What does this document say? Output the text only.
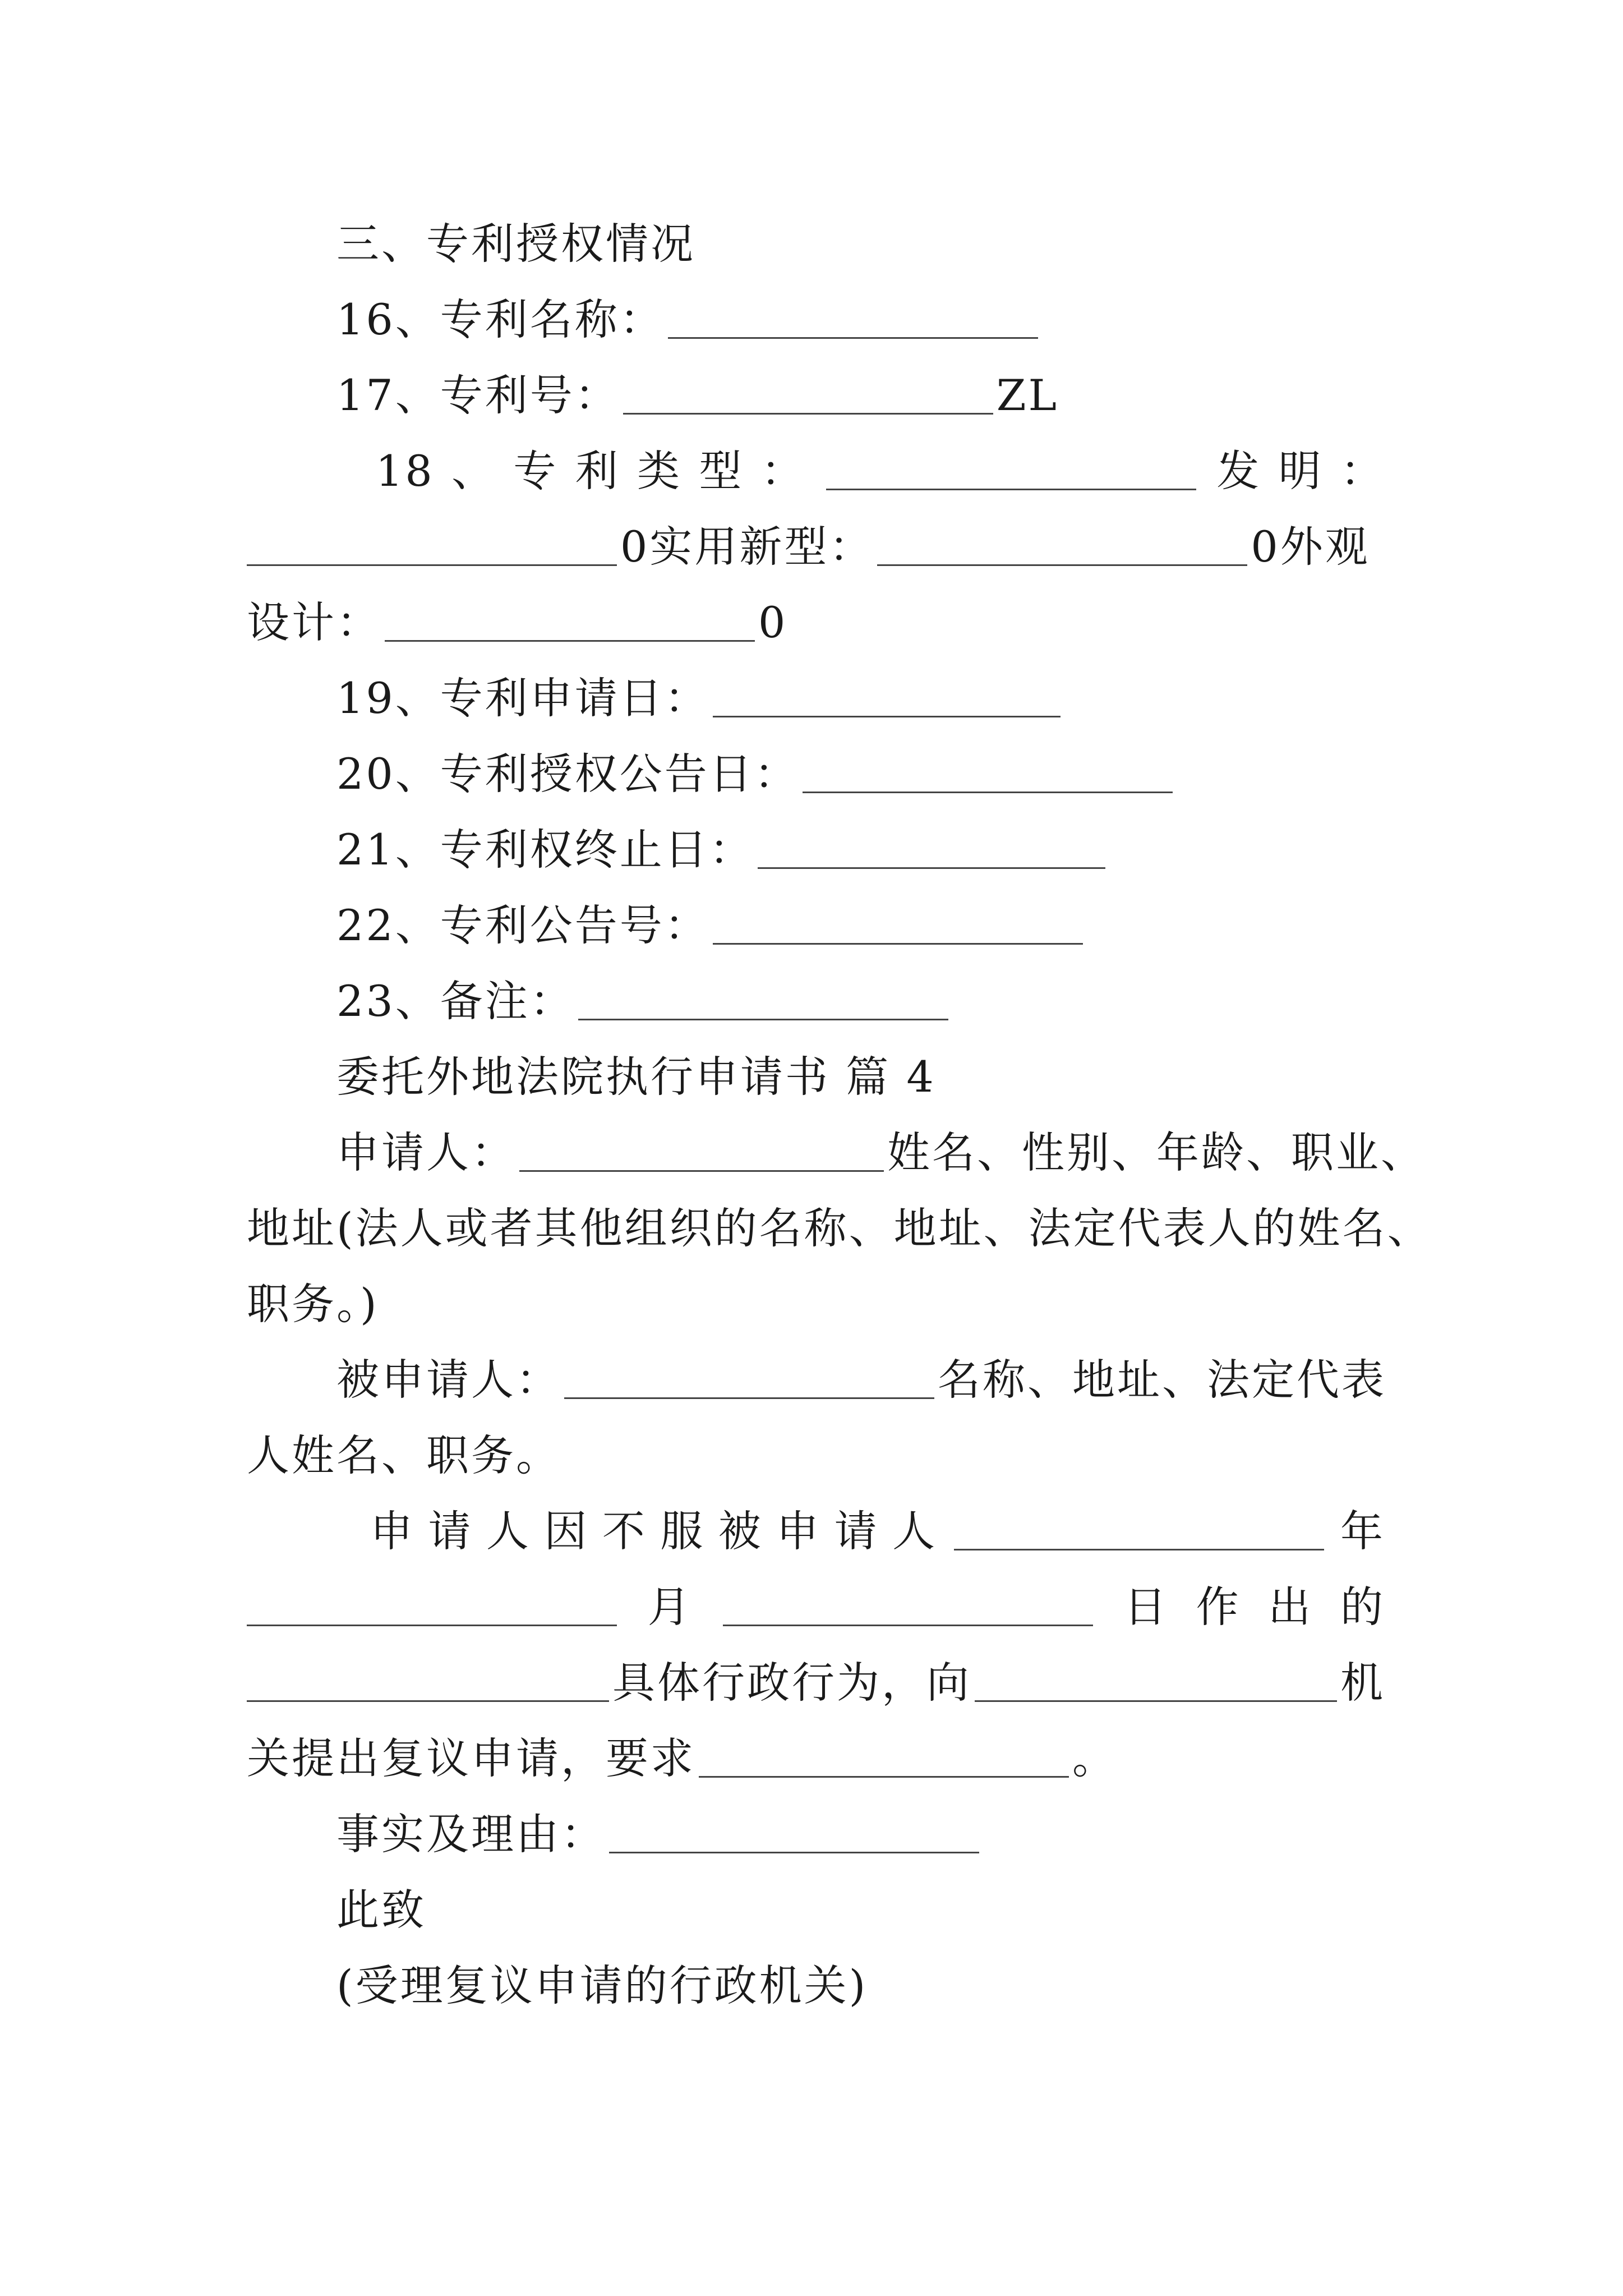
三、专利授权情况
16、专利名称：
17、专利号：	ZL
18 、 专 利 类 型 ：	发 明 ：
0实用新型：	0外观
设计：	0
19、专利申请日：
20、专利授权公告日：
21、专利权终止日：
22、专利公告号：
23、备注：
委托外地法院执行申请书 篇 4
申请人：	姓名、性别、年龄、职业、
地址(法人或者其他组织的名称、地址、法定代表人的姓名、
职务。)
被申请人：	名称、地址、法定代表
人姓名、职务。
申 请 人 因 不 服 被 申 请 人	年
月	日 作 出 的
具体行政行为，向	机
关提出复议申请，要求	。
事实及理由：
此致
(受理复议申请的行政机关)
